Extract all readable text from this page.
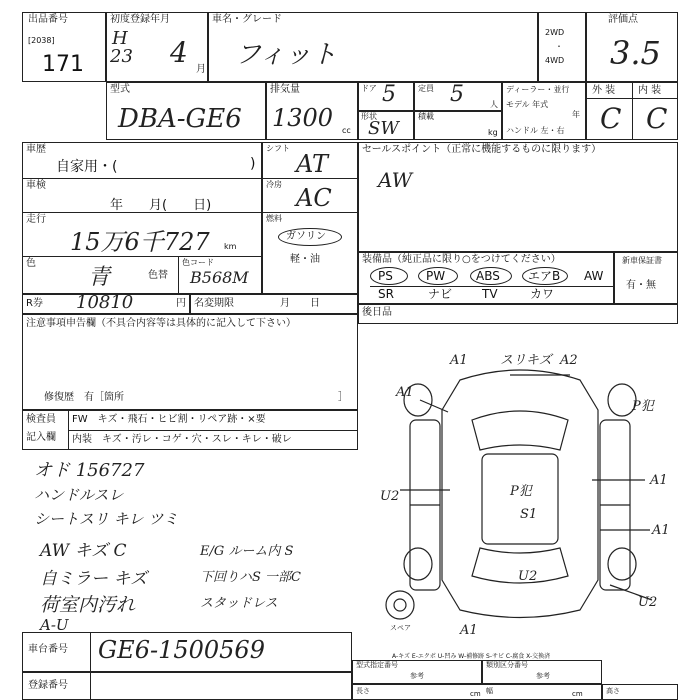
出品番号
[2038]
171
初度登録年月
H
23 4
月
車名・グレード
フィット
2WD
・
4WD
評価点
3.5
型式
DBA-GE6
排気量
1300 cc
ドア 5	定員 5	人
形状
SW
積載
kg
ディーラー・並行
モデル 年式
年
ハンドル 左・右
外 装 内 装
C C
車歴
自家用・(	)
車検
年　　月(　　日)
走行
15万6千727 km
色
青	色替
色コード
B568M
シフト
AT
冷房 AC
燃料
ガソリン
軽・油
R券 10810	円 名変期限	月　　日
セールスポイント（正常に機能するものに限ります）
AW
装備品（純正品に限り○をつけてください）	新車保証書
有・無
PS	PW	ABS エアB AW
SR	ナビ TV	カワ
後日品
注意事項申告欄（不具合内容等は具体的に記入して下さい）
修復歴　有［箇所	］
検査員
記入欄
FW　キズ・飛石・ヒビ割・リペア跡・×要
内装　キズ・汚レ・コゲ・穴・スレ・キレ・破レ
オド 156727
ハンドルスレ
シートスリ キレ ツミ
AW キズ C
自ミラー キズ
荷室内汚れ
A-U
E/G ルーム内 S
下回りハS 一部C
スタッドレス
A1 スリキズ A2
A1
P犯
A1
U2	P犯
S1
A1
U2
U2
A1
スペア
A-キズ E-エクボ U-凹み W-補修跡 S-サビ C-腐食 X-交換済
車台番号 GE6-1500569
登録番号
型式指定番号
参考
類別区分番号
参考
長さ	cm 幅	cm	高さ
